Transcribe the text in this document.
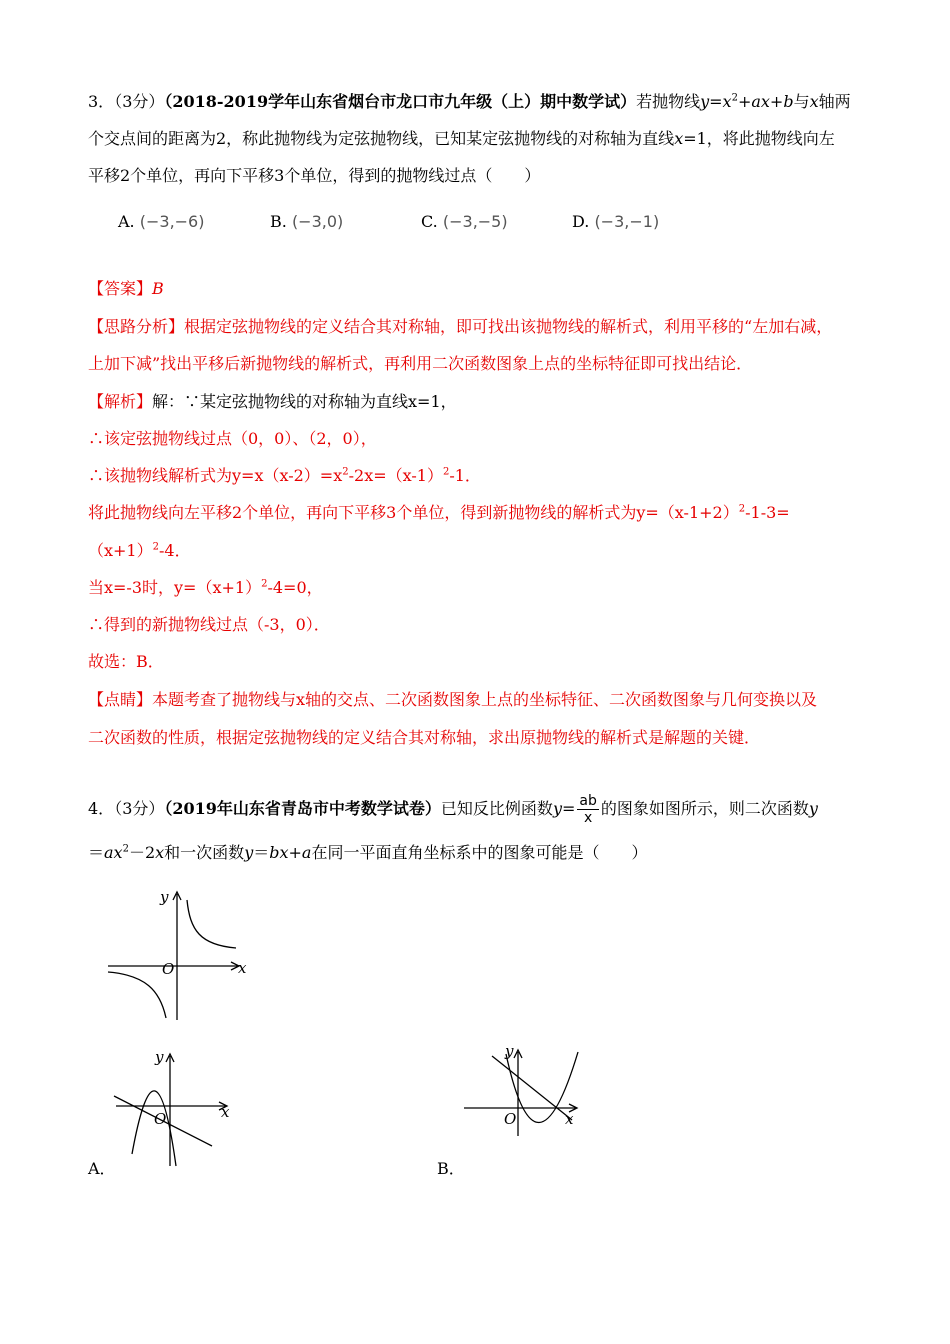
3．（3分）（2018-2019学年山东省烟台市龙口市九年级（上）期中数学试）若抛物线$y=x^2+ax+b$与x轴两
个交点间的距离为2，称此抛物线为定弦抛物线，已知某定弦抛物线的对称轴为直线x=1，将此抛物线向左
平移2个单位，再向下平移3个单位，得到的抛物线过点（　　）
A. (−3,−6)	B. (−3,0)	C. (−3,−5)	D. (−3,−1)
【答案】B
【思路分析】根据定弦抛物线的定义结合其对称轴，即可找出该抛物线的解析式，利用平移的“左加右减，
上加下减”找出平移后新抛物线的解析式，再利用二次函数图象上点的坐标特征即可找出结论．
【解析】解：∵某定弦抛物线的对称轴为直线x=1，
∴该定弦抛物线过点（0，0）、（2，0），
∴该抛物线解析式为$y=x(x-2)=x^2-2x=(x-1)^2-1$．
将此抛物线向左平移2个单位，再向下平移3个单位，得到新抛物线的解析式为$y=(x-1+2)^2-1-3=$
$(x+1)^2-4$．
当x=-3时，$y=(x+1)^2-4=0$，
∴得到的新抛物线过点（-3，0）．
故选：B．
【点睛】本题考查了抛物线与x轴的交点、二次函数图象上点的坐标特征、二次函数图象与几何变换以及
二次函数的性质，根据定弦抛物线的定义结合其对称轴，求出原抛物线的解析式是解题的关键．
4．（3分）（2019年山东省青岛市中考数学试卷）已知反比例函数$y= \frac{ab}{x}$ 的图象如图所示，则二次函数y
$=ax^2-2x$和一次函数y＝bx+a在同一平面直角坐标系中的图象可能是（　　）
y
x
O
y
x
O
A．
y
x
O
B．
